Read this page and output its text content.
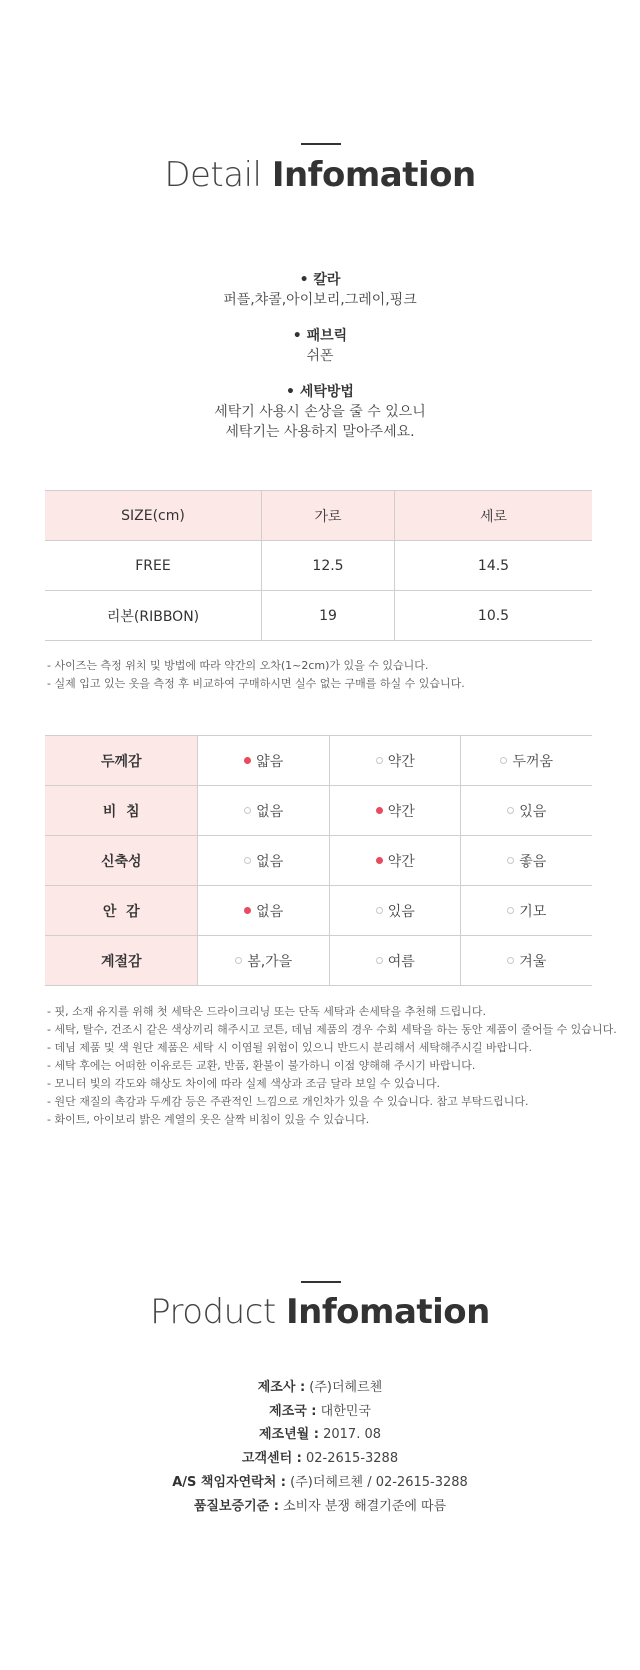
Detail Infomation
• 칼라
퍼플,챠콜,아이보리,그레이,핑크
• 패브릭
쉬폰
• 세탁방법
세탁기 사용시 손상을 줄 수 있으니
세탁기는 사용하지 말아주세요.
SIZE(cm)	가로	세로
FREE	12.5	14.5
리본(RIBBON)	19	10.5
- 사이즈는 측정 위치 및 방법에 따라 약간의 오차(1~2cm)가 있을 수 있습니다.
- 실제 입고 있는 옷을 측정 후 비교하여 구매하시면 실수 없는 구매를 하실 수 있습니다.
두께감	얇음	약간	두꺼움

비  침	없음	약간	있음

신축성	없음	약간	좋음

안  감	없음	있음	기모

계절감	봄,가을	여름	겨울
- 핏, 소재 유지를 위해 첫 세탁은 드라이크리닝 또는 단독 세탁과 손세탁을 추천해 드립니다.
- 세탁, 탈수, 건조시 같은 색상끼리 해주시고 코튼, 데님 제품의 경우 수회 세탁을 하는 동안 제품이 줄어들 수 있습니다.
- 데님 제품 및 색 원단 제품은 세탁 시 이염될 위험이 있으니 반드시 분리해서 세탁해주시길 바랍니다.
- 세탁 후에는 어떠한 이유로든 교환, 반품, 환불이 불가하니 이점 양해해 주시기 바랍니다.
- 모니터 빛의 각도와 해상도 차이에 따라 실제 색상과 조금 달라 보일 수 있습니다.
- 원단 재질의 촉감과 두께감 등은 주관적인 느낌으로 개인차가 있을 수 있습니다. 참고 부탁드립니다.
- 화이트, 아이보리 밝은 계열의 옷은 살짝 비침이 있을 수 있습니다.
Product Infomation
제조사 : (주)더헤르첸
제조국 : 대한민국
제조년월 : 2017. 08
고객센터 : 02-2615-3288
A/S 책임자연락처 : (주)더헤르첸 / 02-2615-3288
품질보증기준 : 소비자 분쟁 해결기준에 따름
